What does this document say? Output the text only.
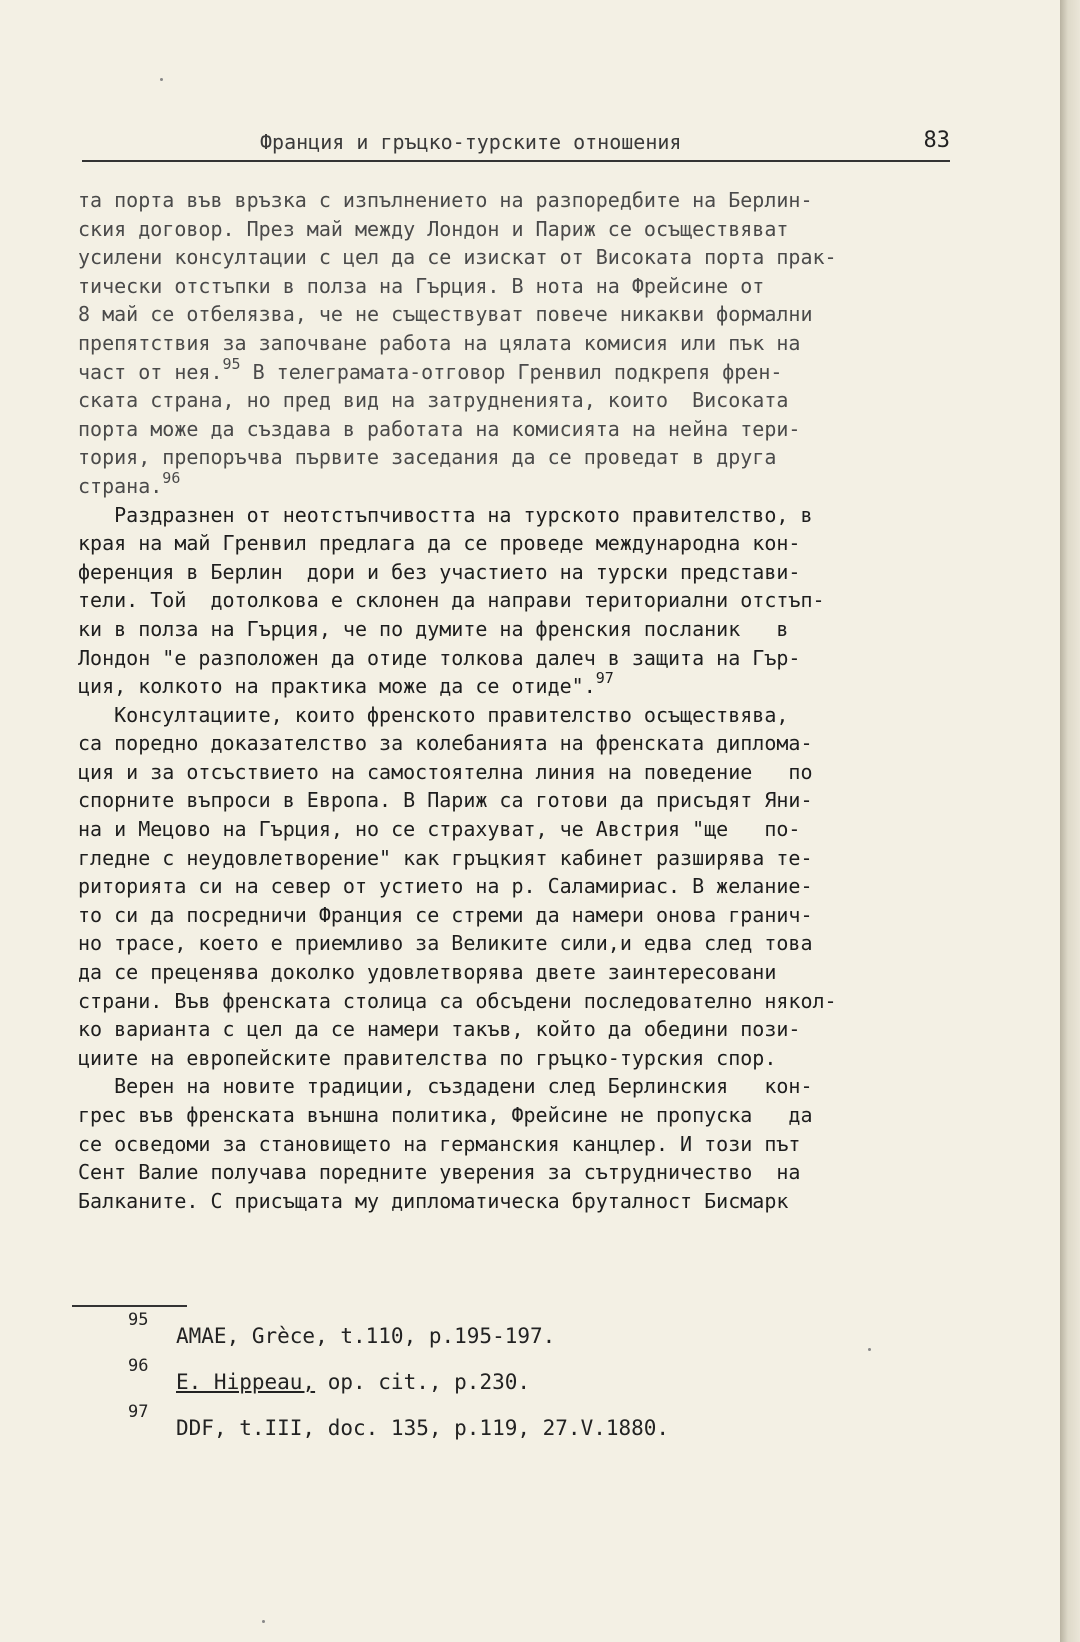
Франция и гръцко-турските отношения	83
та порта във връзка с изпълнението на разпоредбите на Берлин-
ския договор. През май между Лондон и Париж се осъществяват
усилени консултации с цел да се изискат от Високата порта прак-
тически отстъпки в полза на Гърция. В нота на Фрейсине от
8 май се отбелязва, че не съществуват повече никакви формални
препятствия за започване работа на цялата комисия или пък на
част от нея.$^{95}$ В телеграмата-отговор Гренвил подкрепя френ-
ската страна, но пред вид на затрудненията, които  Високата
порта може да създава в работата на комисията на нейна тери-
тория, препоръчва първите заседания да се проведат в друга
страна.$^{96}$
Раздразнен от неотстъпчивостта на турското правителство, в
края на май Гренвил предлага да се проведе международна кон-
ференция в Берлин  дори и без участието на турски представи-
тели. Той  дотолкова е склонен да направи териториални отстъп-
ки в полза на Гърция, че по думите на френския посланик   в
Лондон "е разположен да отиде толкова далеч в защита на Гър-
ция, колкото на практика може да се отиде".$^{97}$
Консултациите, които френското правителство осъществява,
са поредно доказателство за колебанията на френската диплома-
ция и за отсъствието на самостоятелна линия на поведение   по
спорните въпроси в Европа. В Париж са готови да присъдят Яни-
на и Мецово на Гърция, но се страхуват, че Австрия "ще   по-
гледне с неудовлетворение" как гръцкият кабинет разширява те-
риторията си на север от устието на р. Саламириас. В желание-
то си да посредничи Франция се стреми да намери онова гранич-
но трасе, което е приемливо за Великите сили,и едва след това
да се преценява доколко удовлетворява двете заинтересовани
страни. Във френската столица са обсъдени последователно някол-
ко варианта с цел да се намери такъв, който да обедини пози-
циите на европейските правителства по гръцко-турския спор.
Верен на новите традиции, създадени след Берлинския   кон-
грес във френската външна политика, Фрейсине не пропуска   да
се осведоми за становището на германския канцлер. И този път
Сент Валие получава поредните уверения за сътрудничество  на
Балканите. С присъщата му дипломатическа брутaлност Бисмарк
95
AMAE, Grèce, t.110, p.195-197.
96
E. Hippeau, op. cit., p.230.
97
DDF, t.III, doc. 135, p.119, 27.V.1880.
